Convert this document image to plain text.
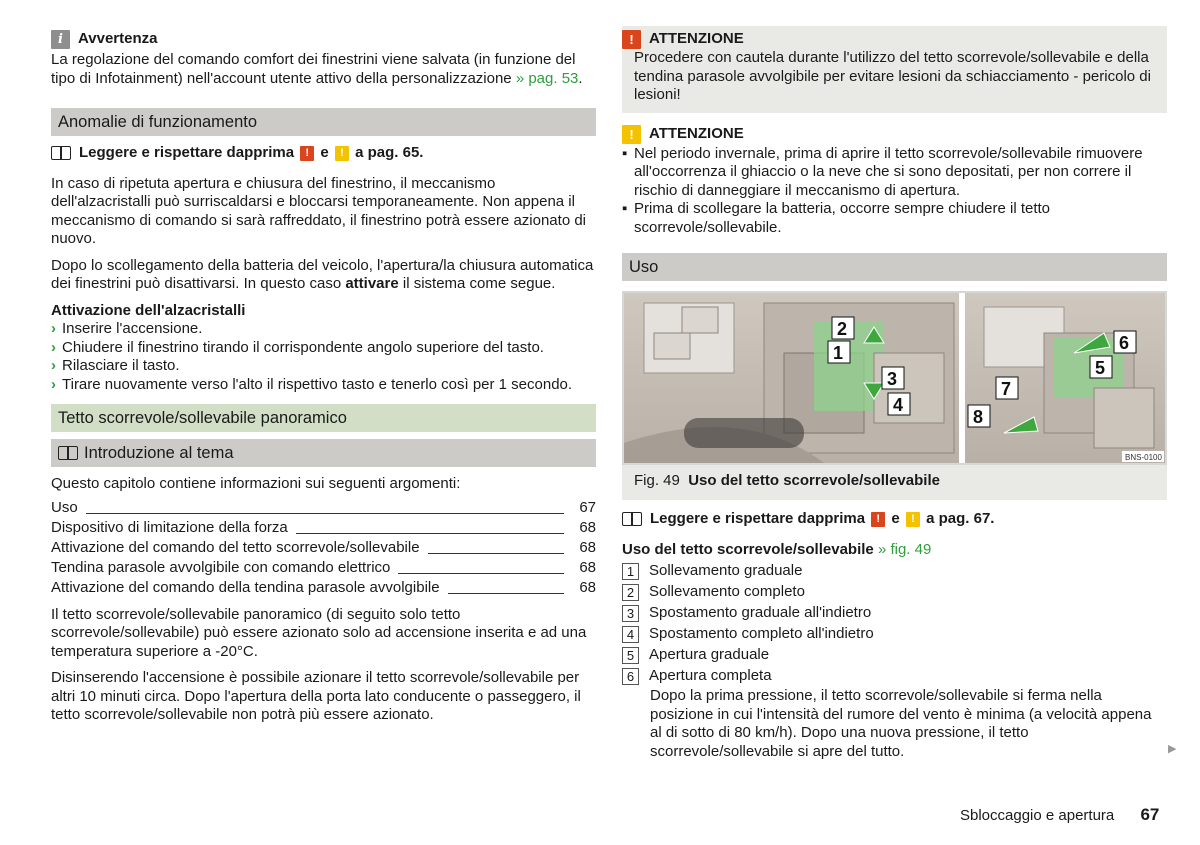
i	Avvertenza
La regolazione del comando comfort dei finestrini viene salvata (in funzione del tipo di Infotainment) nell'account utente attivo della personalizzazione » pag. 53.
Anomalie di funzionamento
Leggere e rispettare dapprima
	!
e
	!
a pag. 65.

In caso di ripetuta apertura e chiusura del finestrino, il meccanismo dell'alzacristalli può surriscaldarsi e bloccarsi temporaneamente. Non appena il meccanismo di comando si sarà raffreddato, il finestrino potrà essere azionato di nuovo.

Dopo lo scollegamento della batteria del veicolo, l'apertura/la chiusura automatica dei finestrini può disattivarsi. In questo caso attivare il sistema come segue.

Attivazione dell'alzacristalli
› Inserire l'accensione.
› Chiudere il finestrino tirando il corrispondente angolo superiore del tasto.
› Rilasciare il tasto.
› Tirare nuovamente verso l'alto il rispettivo tasto e tenerlo così per 1 secondo.
Tetto scorrevole/sollevabile panoramico
Introduzione al tema

Questo capitolo contiene informazioni sui seguenti argomenti:

Uso	67
Dispositivo di limitazione della forza	68
Attivazione del comando del tetto scorrevole/sollevabile	68
Tendina parasole avvolgibile con comando elettrico	68
Attivazione del comando della tendina parasole avvolgibile	68

Il tetto scorrevole/sollevabile panoramico (di seguito solo tetto scorrevole/sollevabile) può essere azionato solo ad accensione inserita e ad una temperatura superiore a -20°C.

Disinserendo l'accensione è possibile azionare il tetto scorrevole/sollevabile per altri 10 minuti circa. Dopo l'apertura della porta lato conducente o passeggero, il tetto scorrevole/sollevabile non potrà più essere azionato.

!	ATTENZIONE
Procedere con cautela durante l'utilizzo del tetto scorrevole/sollevabile e della tendina parasole avvolgibile per evitare lesioni da schiacciamento - pericolo di lesioni!
!	ATTENZIONE
▪ Nel periodo invernale, prima di aprire il tetto scorrevole/sollevabile rimuovere all'occorrenza il ghiaccio o la neve che si sono depositati, per non correre il rischio di danneggiare il meccanismo di apertura.
▪ Prima di scollegare la batteria, occorre sempre chiudere il tetto scorrevole/sollevabile.
Uso
2
1
3
4
6
5
7
8
BNS-0100
Fig. 49 Uso del tetto scorrevole/sollevabile
Leggere e rispettare dapprima
	!
e
	!
a pag. 67.
Uso del tetto scorrevole/sollevabile » fig. 49
1 Sollevamento graduale
2 Sollevamento completo
3 Spostamento graduale all'indietro
4 Spostamento completo all'indietro
5 Apertura graduale
6 Apertura completa
Dopo la prima pressione, il tetto scorrevole/sollevabile si ferma nella posizione in cui l'intensità del rumore del vento è minima (a velocità appena al di sotto di 80 km/h). Dopo una nuova pressione, il tetto scorrevole/sollevabile si apre del tutto.	▶
Sbloccaggio e apertura 67
